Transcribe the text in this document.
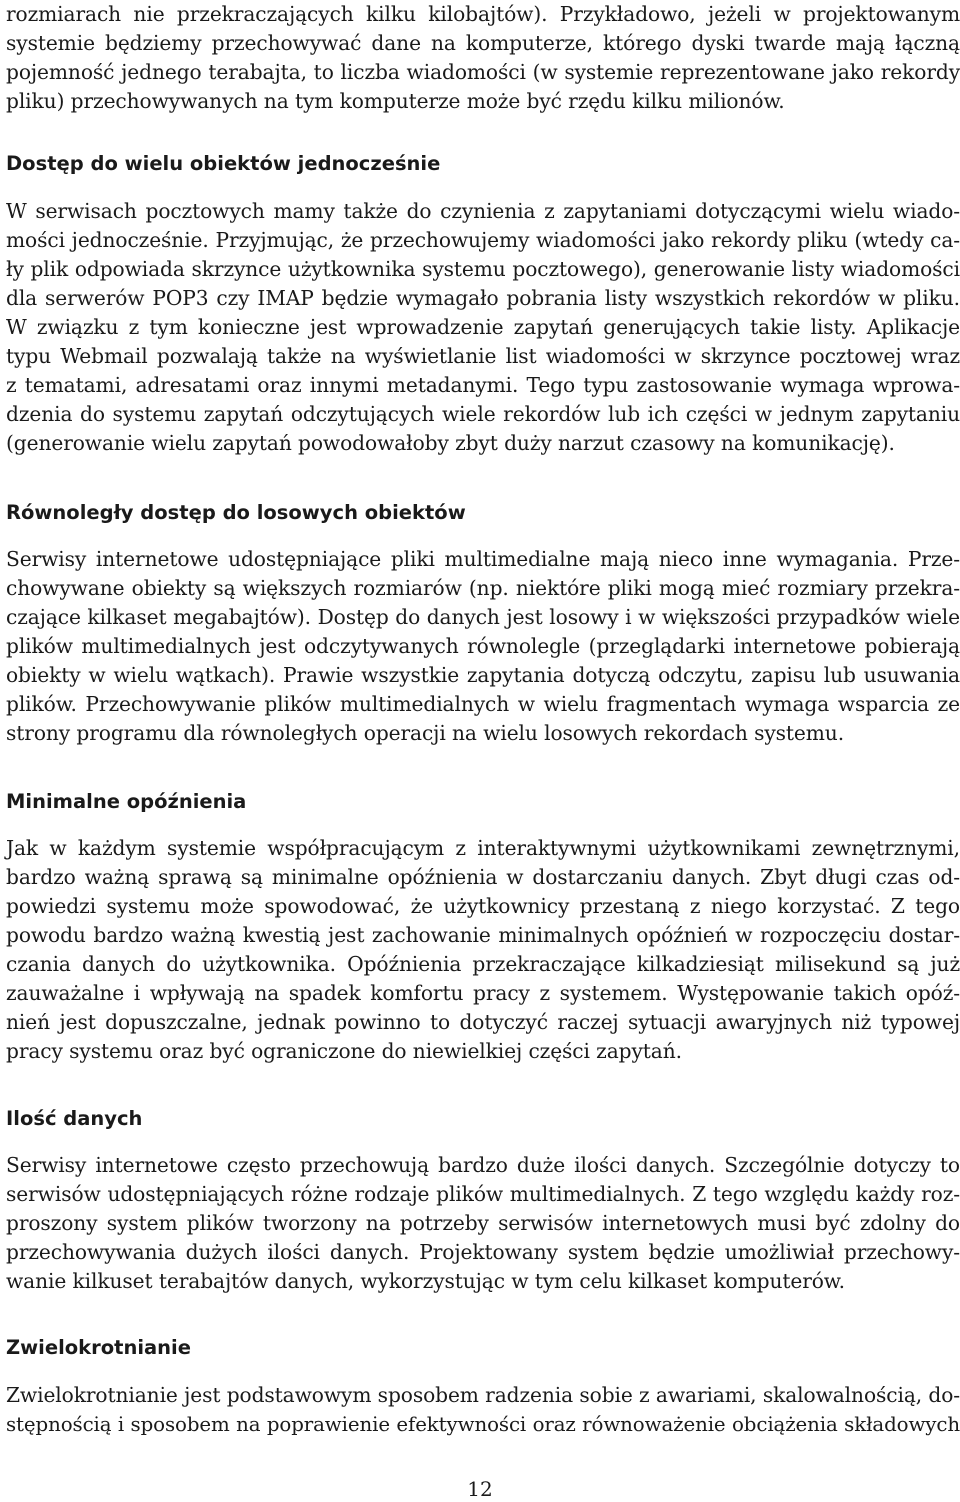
rozmiarach nie przekraczających kilku kilobajtów). Przykładowo, jeżeli w projektowanym
systemie będziemy przechowywać dane na komputerze, którego dyski twarde mają łączną
pojemność jednego terabajta, to liczba wiadomości (w systemie reprezentowane jako rekordy
pliku) przechowywanych na tym komputerze może być rzędu kilku milionów.
Dostęp do wielu obiektów jednocześnie
W serwisach pocztowych mamy także do czynienia z zapytaniami dotyczącymi wielu wiado-
mości jednocześnie. Przyjmując, że przechowujemy wiadomości jako rekordy pliku (wtedy ca-
ły plik odpowiada skrzynce użytkownika systemu pocztowego), generowanie listy wiadomości
dla serwerów POP3 czy IMAP będzie wymagało pobrania listy wszystkich rekordów w pliku.
W związku z tym konieczne jest wprowadzenie zapytań generujących takie listy. Aplikacje
typu Webmail pozwalają także na wyświetlanie list wiadomości w skrzynce pocztowej wraz
z tematami, adresatami oraz innymi metadanymi. Tego typu zastosowanie wymaga wprowa-
dzenia do systemu zapytań odczytujących wiele rekordów lub ich części w jednym zapytaniu
(generowanie wielu zapytań powodowałoby zbyt duży narzut czasowy na komunikację).
Równoległy dostęp do losowych obiektów
Serwisy internetowe udostępniające pliki multimedialne mają nieco inne wymagania. Prze-
chowywane obiekty są większych rozmiarów (np. niektóre pliki mogą mieć rozmiary przekra-
czające kilkaset megabajtów). Dostęp do danych jest losowy i w większości przypadków wiele
plików multimedialnych jest odczytywanych równolegle (przeglądarki internetowe pobierają
obiekty w wielu wątkach). Prawie wszystkie zapytania dotyczą odczytu, zapisu lub usuwania
plików. Przechowywanie plików multimedialnych w wielu fragmentach wymaga wsparcia ze
strony programu dla równoległych operacji na wielu losowych rekordach systemu.
Minimalne opóźnienia
Jak w każdym systemie współpracującym z interaktywnymi użytkownikami zewnętrznymi,
bardzo ważną sprawą są minimalne opóźnienia w dostarczaniu danych. Zbyt długi czas od-
powiedzi systemu może spowodować, że użytkownicy przestaną z niego korzystać. Z tego
powodu bardzo ważną kwestią jest zachowanie minimalnych opóźnień w rozpoczęciu dostar-
czania danych do użytkownika. Opóźnienia przekraczające kilkadziesiąt milisekund są już
zauważalne i wpływają na spadek komfortu pracy z systemem. Występowanie takich opóź-
nień jest dopuszczalne, jednak powinno to dotyczyć raczej sytuacji awaryjnych niż typowej
pracy systemu oraz być ograniczone do niewielkiej części zapytań.
Ilość danych
Serwisy internetowe często przechowują bardzo duże ilości danych. Szczególnie dotyczy to
serwisów udostępniających różne rodzaje plików multimedialnych. Z tego względu każdy roz-
proszony system plików tworzony na potrzeby serwisów internetowych musi być zdolny do
przechowywania dużych ilości danych. Projektowany system będzie umożliwiał przechowy-
wanie kilkuset terabajtów danych, wykorzystując w tym celu kilkaset komputerów.
Zwielokrotnianie
Zwielokrotnianie jest podstawowym sposobem radzenia sobie z awariami, skalowalnością, do-
stępnością i sposobem na poprawienie efektywności oraz równoważenie obciążenia składowych
12
